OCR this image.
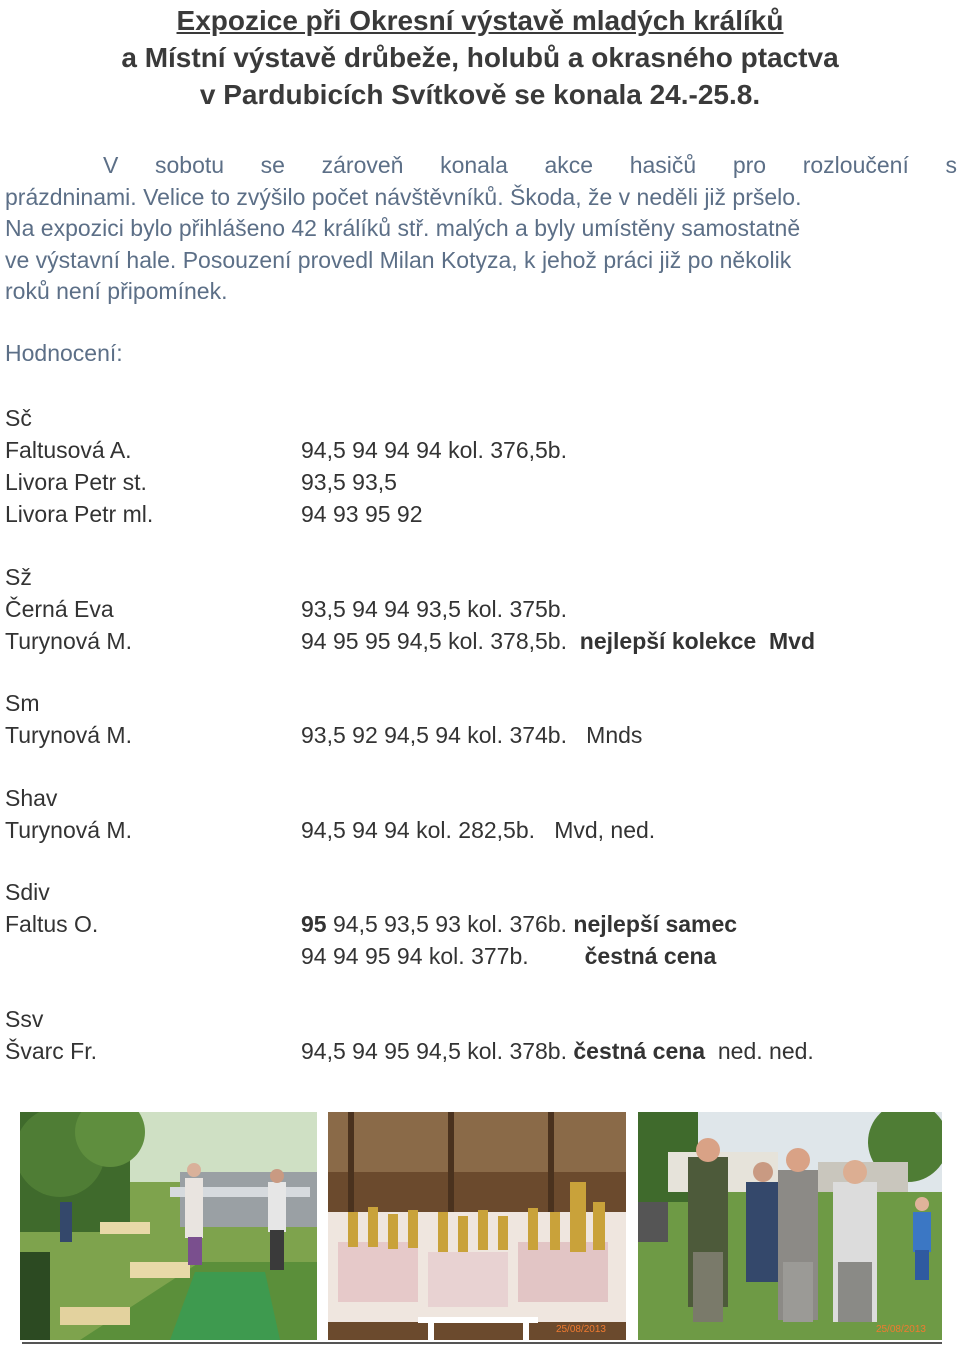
Expozice při Okresní výstavě mladých králíků
a Místní výstavě drůbeže, holubů a okrasného ptactva
v Pardubicích Svítkově se konala 24.-25.8.
V sobotu se zároveň konala akce hasičů pro rozloučení s
prázdninami. Velice to zvýšilo počet návštěvníků. Škoda, že v neděli již pršelo.
Na expozici bylo přihlášeno 42 králíků stř. malých a byly umístěny samostatně
ve výstavní hale. Posouzení provedl Milan Kotyza, k jehož práci již po několik
roků není připomínek.
Hodnocení:
Sč
Faltusová A.	94,5 94 94 94 kol. 376,5b.
Livora Petr st.	93,5 93,5
Livora Petr ml.	94 93 95 92
Sž
Černá Eva	93,5 94 94 93,5 kol. 375b.
Turynová M.	94 95 95 94,5 kol. 378,5b. nejlepší kolekce  Mvd
Sm
Turynová M.	93,5 92 94,5 94 kol. 374b. Mnds
Shav
Turynová M.	94,5 94 94 kol. 282,5b. Mvd, ned.
Sdiv
Faltus O.	95 94,5 93,5 93 kol. 376b. nejlepší samec
94 94 95 94 kol. 377b. čestná cena
Ssv
Švarc Fr.	94,5 94 95 94,5 kol. 378b. čestná cena ned. ned.
25/08/2013	25/08/2013
